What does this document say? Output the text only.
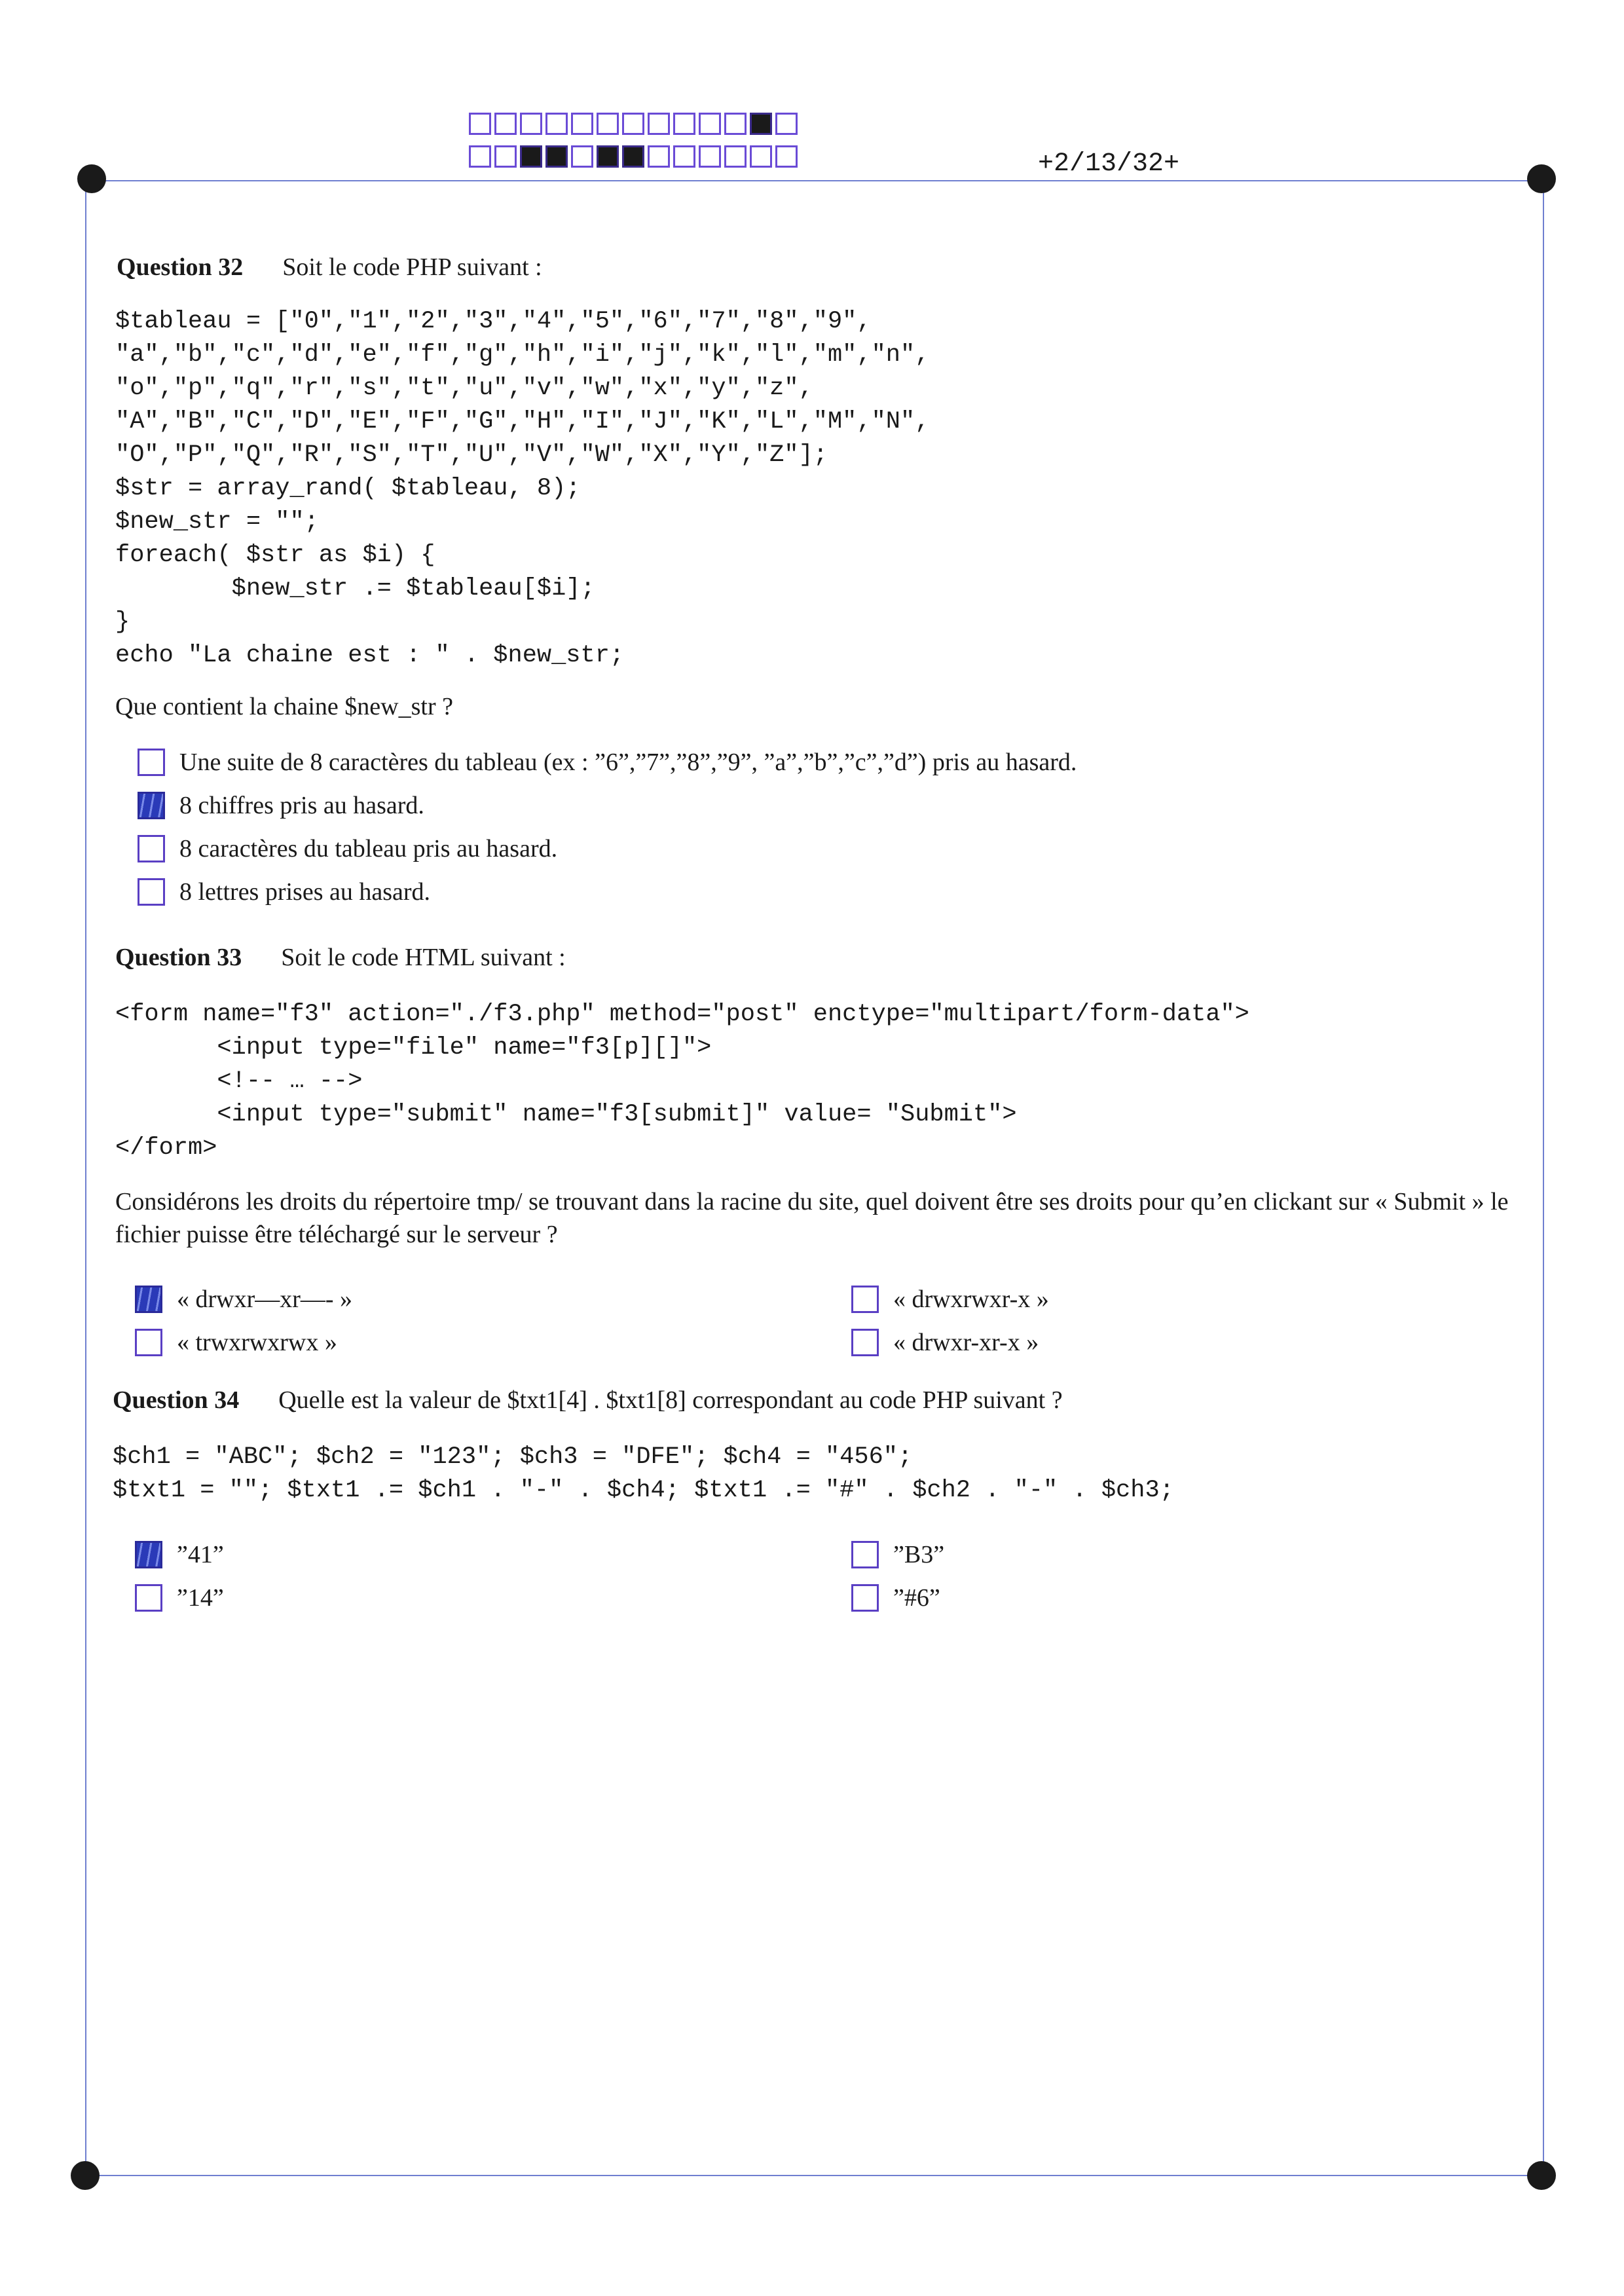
+2/13/32+
Question 32 Soit le code PHP suivant :
$tableau = ["0","1","2","3","4","5","6","7","8","9",
"a","b","c","d","e","f","g","h","i","j","k","l","m","n",
"o","p","q","r","s","t","u","v","w","x","y","z",
"A","B","C","D","E","F","G","H","I","J","K","L","M","N",
"O","P","Q","R","S","T","U","V","W","X","Y","Z"];
$str = array_rand( $tableau, 8);
$new_str = "";
foreach( $str as $i) {
$new_str .= $tableau[$i];
}
echo "La chaine est : " . $new_str;
Que contient la chaine $new_str ?
Une suite de 8 caractères du tableau (ex : ”6”,”7”,”8”,”9”, ”a”,”b”,”c”,”d”) pris au hasard.
8 chiffres pris au hasard.
8 caractères du tableau pris au hasard.
8 lettres prises au hasard.
Question 33 Soit le code HTML suivant :
<form name="f3" action="./f3.php" method="post" enctype="multipart/form-data">
<input type="file" name="f3[p][]">
<!-- … -->
<input type="submit" name="f3[submit]" value= "Submit">
</form>
Considérons les droits du répertoire tmp/ se trouvant dans la racine du site, quel doivent être ses droits pour qu’en clickant sur « Submit » le fichier puisse être téléchargé sur le serveur ?
« drwxr—xr—- »	« drwxrwxr-x »
« trwxrwxrwx »	« drwxr-xr-x »
Question 34 Quelle est la valeur de $txt1[4] . $txt1[8] correspondant au code PHP suivant ?
$ch1 = "ABC"; $ch2 = "123"; $ch3 = "DFE"; $ch4 = "456";
$txt1 = ""; $txt1 .= $ch1 . "-" . $ch4; $txt1 .= "#" . $ch2 . "-" . $ch3;
”41”	”B3”
”14”	”#6”
